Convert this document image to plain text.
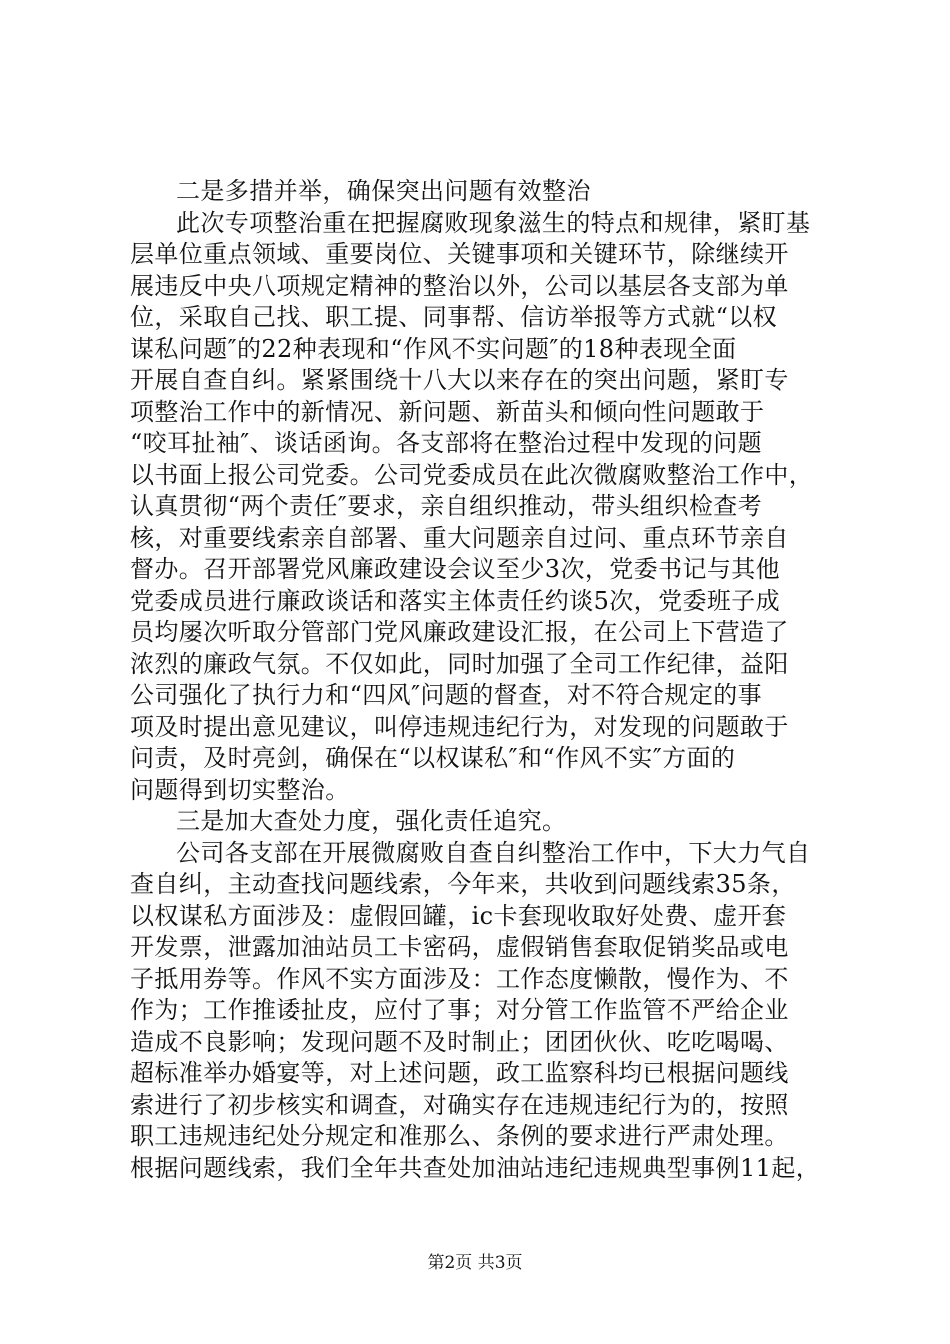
二是多措并举，确保突出问题有效整治
此次专项整治重在把握腐败现象滋生的特点和规律，紧盯基
层单位重点领域、重要岗位、关键事项和关键环节，除继续开
展违反中央八项规定精神的整治以外，公司以基层各支部为单
位，采取自己找、职工提、同事帮、信访举报等方式就“以权
谋私问题″的22种表现和“作风不实问题″的18种表现全面
开展自查自纠。紧紧围绕十八大以来存在的突出问题，紧盯专
项整治工作中的新情况、新问题、新苗头和倾向性问题敢于
“咬耳扯袖″、谈话函询。各支部将在整治过程中发现的问题
以书面上报公司党委。公司党委成员在此次微腐败整治工作中，
认真贯彻“两个责任″要求，亲自组织推动，带头组织检查考
核，对重要线索亲自部署、重大问题亲自过问、重点环节亲自
督办。召开部署党风廉政建设会议至少3次，党委书记与其他
党委成员进行廉政谈话和落实主体责任约谈5次，党委班子成
员均屡次听取分管部门党风廉政建设汇报，在公司上下营造了
浓烈的廉政气氛。不仅如此，同时加强了全司工作纪律，益阳
公司强化了执行力和“四风″问题的督查，对不符合规定的事
项及时提出意见建议，叫停违规违纪行为，对发现的问题敢于
问责，及时亮剑，确保在“以权谋私″和“作风不实″方面的
问题得到切实整治。
三是加大查处力度，强化责任追究。
公司各支部在开展微腐败自查自纠整治工作中，下大力气自
查自纠，主动查找问题线索，今年来，共收到问题线索35条，
以权谋私方面涉及：虚假回罐，ic卡套现收取好处费、虚开套
开发票，泄露加油站员工卡密码，虚假销售套取促销奖品或电
子抵用券等。作风不实方面涉及：工作态度懒散，慢作为、不
作为；工作推诿扯皮，应付了事；对分管工作监管不严给企业
造成不良影响；发现问题不及时制止；团团伙伙、吃吃喝喝、
超标准举办婚宴等，对上述问题，政工监察科均已根据问题线
索进行了初步核实和调查，对确实存在违规违纪行为的，按照
职工违规违纪处分规定和准那么、条例的要求进行严肃处理。
根据问题线索，我们全年共查处加油站违纪违规典型事例11起，
第2页 共3页
